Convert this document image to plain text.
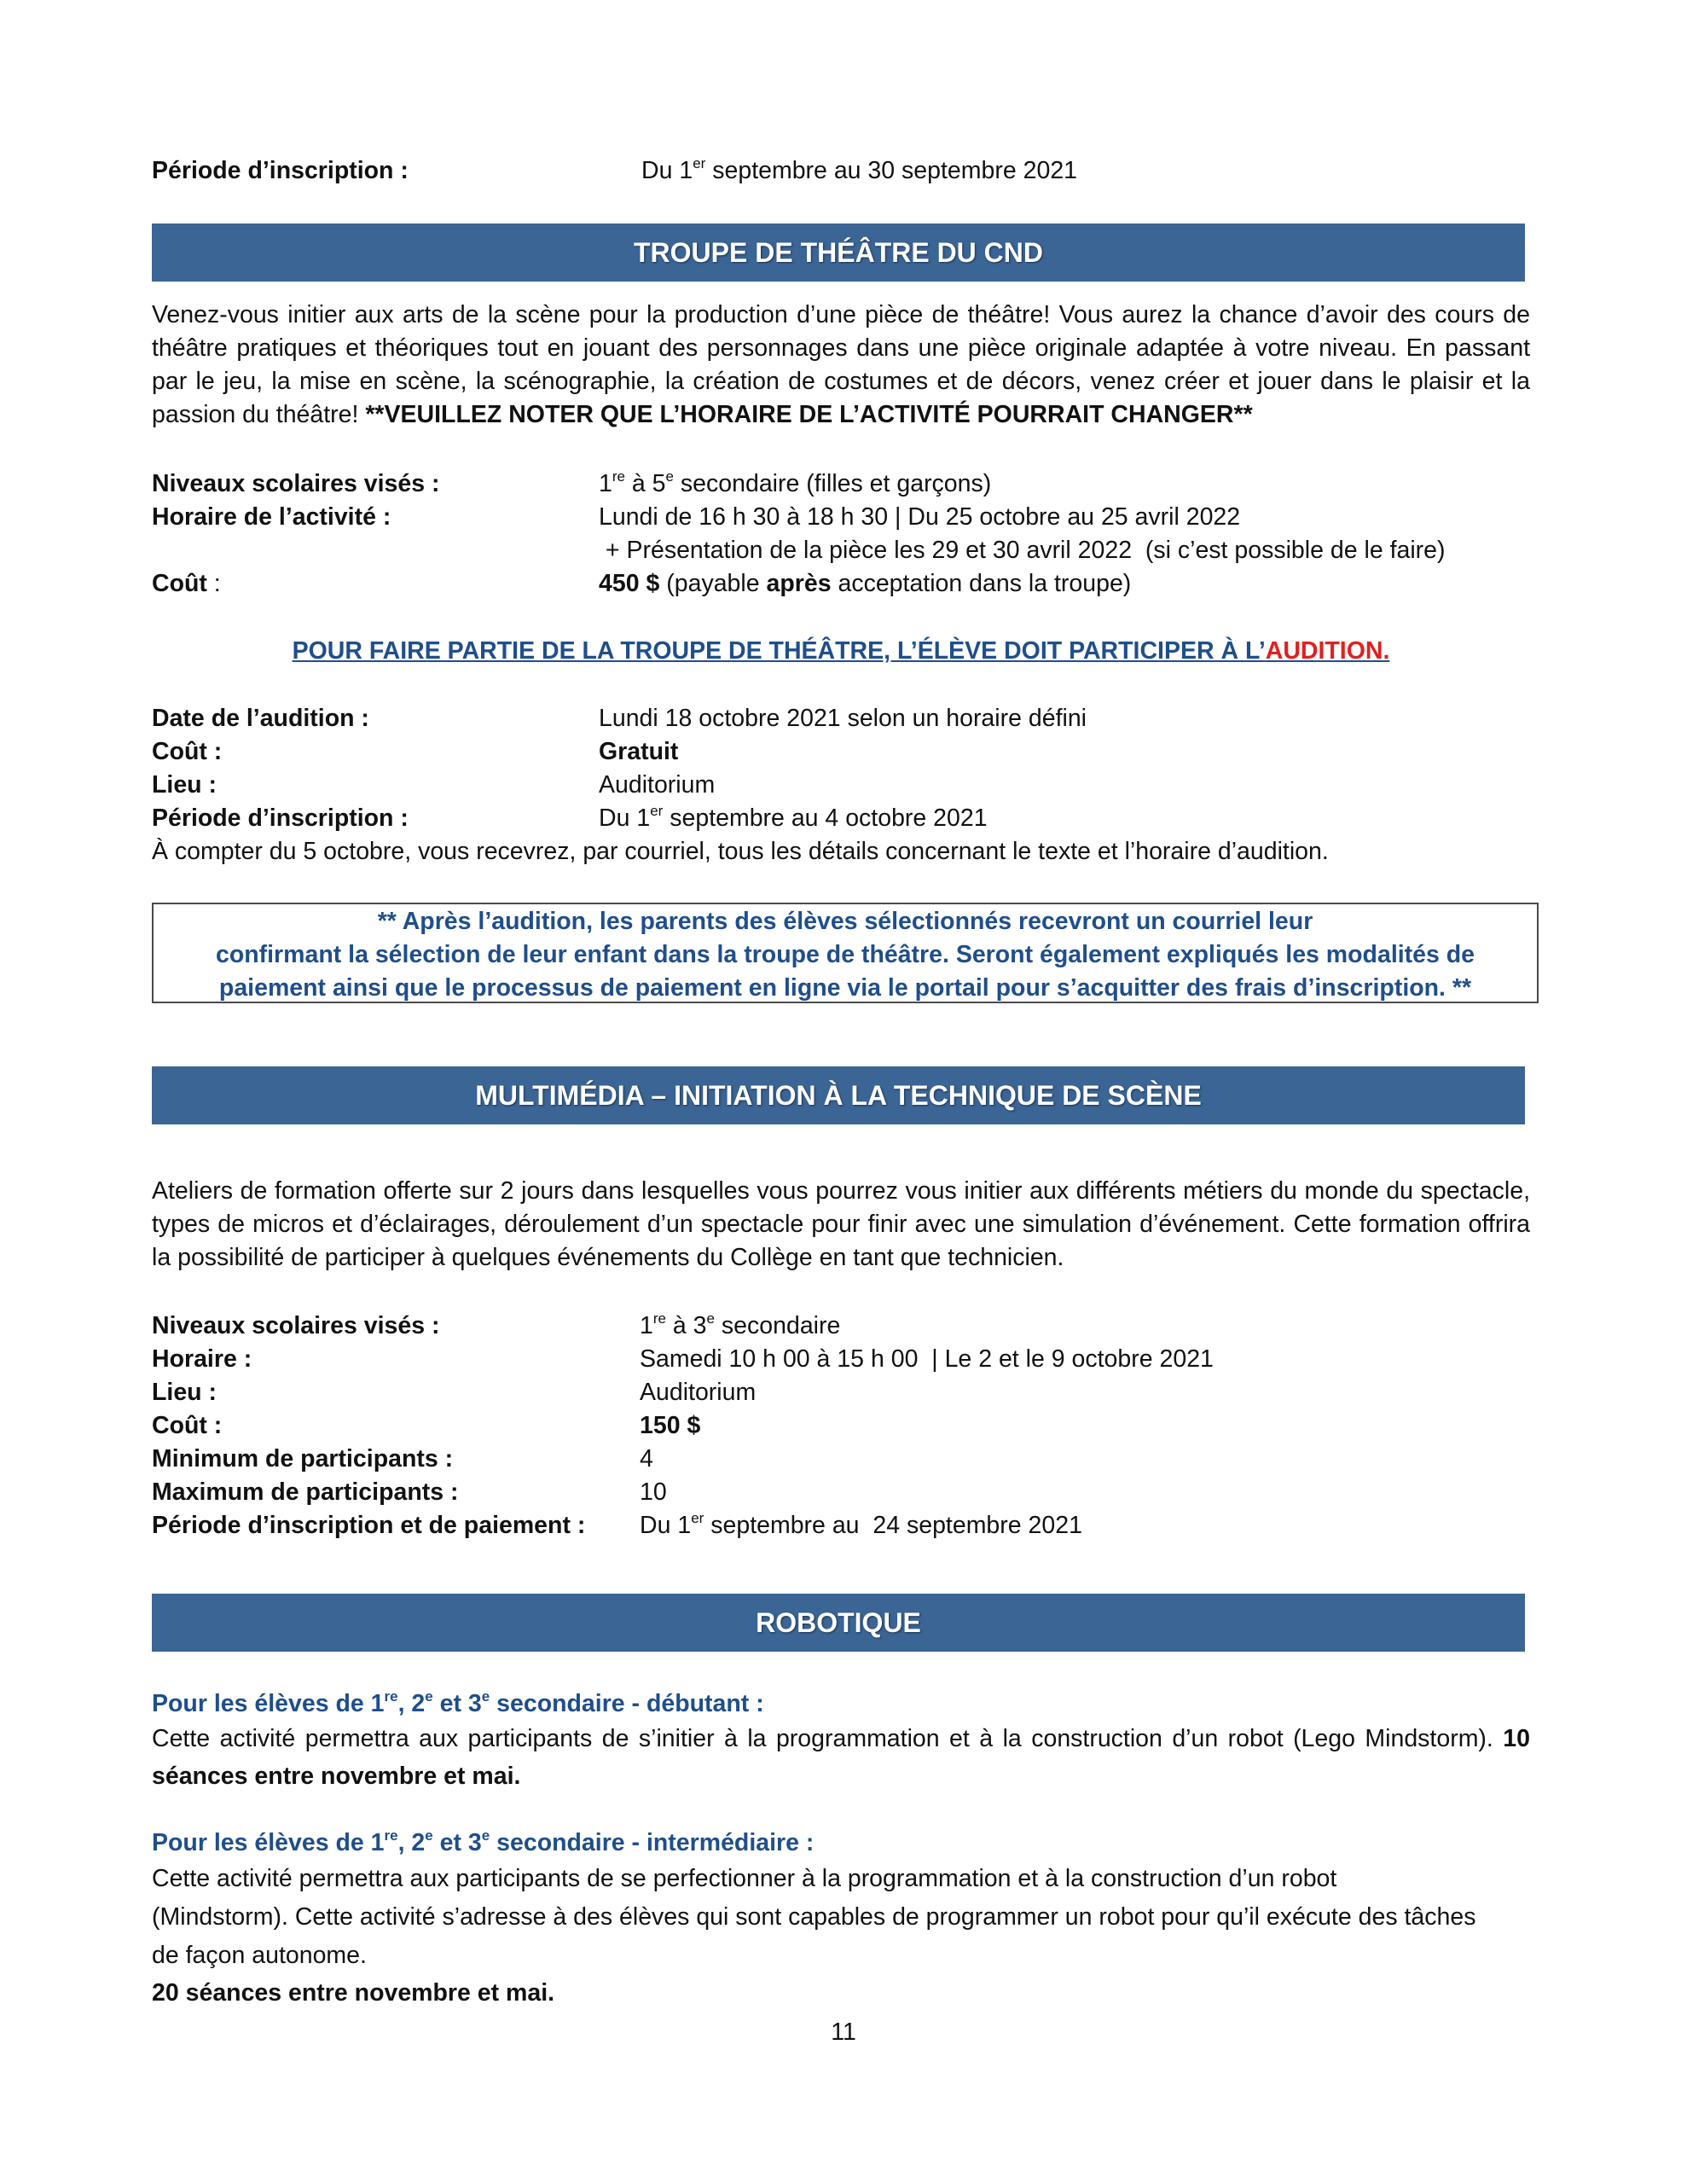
Période d’inscription :	Du 1er septembre au 30 septembre 2021
TROUPE DE THÉÂTRE DU CND
Venez-vous initier aux arts de la scène pour la production d’une pièce de théâtre! Vous aurez la chance d’avoir des cours de théâtre pratiques et théoriques tout en jouant des personnages dans une pièce originale adaptée à votre niveau. En passant par le jeu, la mise en scène, la scénographie, la création de costumes et de décors, venez créer et jouer dans le plaisir et la passion du théâtre! **VEUILLEZ NOTER QUE L’HORAIRE DE L’ACTIVITÉ POURRAIT CHANGER**
Niveaux scolaires visés :	1re à 5e secondaire (filles et garçons)
Horaire de l’activité :	Lundi de 16 h 30 à 18 h 30 | Du 25 octobre au 25 avril 2022
+ Présentation de la pièce les 29 et 30 avril 2022  (si c’est possible de le faire)
Coût :	450 $ (payable après acceptation dans la troupe)
POUR FAIRE PARTIE DE LA TROUPE DE THÉÂTRE, L’ÉLÈVE DOIT PARTICIPER À L’AUDITION.
Date de l’audition :	Lundi 18 octobre 2021 selon un horaire défini
Coût :	Gratuit
Lieu :	Auditorium
Période d’inscription :	Du 1er septembre au 4 octobre 2021
À compter du 5 octobre, vous recevrez, par courriel, tous les détails concernant le texte et l’horaire d’audition.
** Après l’audition, les parents des élèves sélectionnés recevront un courriel leur
confirmant la sélection de leur enfant dans la troupe de théâtre. Seront également expliqués les modalités de
paiement ainsi que le processus de paiement en ligne via le portail pour s’acquitter des frais d’inscription. **
MULTIMÉDIA – INITIATION À LA TECHNIQUE DE SCÈNE
Ateliers de formation offerte sur 2 jours dans lesquelles vous pourrez vous initier aux différents métiers du monde du spectacle, types de micros et d’éclairages, déroulement d’un spectacle pour finir avec une simulation d’événement. Cette formation offrira la possibilité de participer à quelques événements du Collège en tant que technicien.
Niveaux scolaires visés :	1re à 3e secondaire
Horaire :	Samedi 10 h 00 à 15 h 00  | Le 2 et le 9 octobre 2021
Lieu :	Auditorium
Coût :	150 $
Minimum de participants :	4
Maximum de participants :	10
Période d’inscription et de paiement : Du 1er septembre au  24 septembre 2021
ROBOTIQUE
Pour les élèves de 1re, 2e et 3e secondaire - débutant :
Cette activité permettra aux participants de s’initier à la programmation et à la construction d’un robot (Lego Mindstorm). 10 séances entre novembre et mai.
Pour les élèves de 1re, 2e et 3e secondaire - intermédiaire :
Cette activité permettra aux participants de se perfectionner à la programmation et à la construction d’un robot
(Mindstorm). Cette activité s’adresse à des élèves qui sont capables de programmer un robot pour qu’il exécute des tâches
de façon autonome.
20 séances entre novembre et mai.
11
